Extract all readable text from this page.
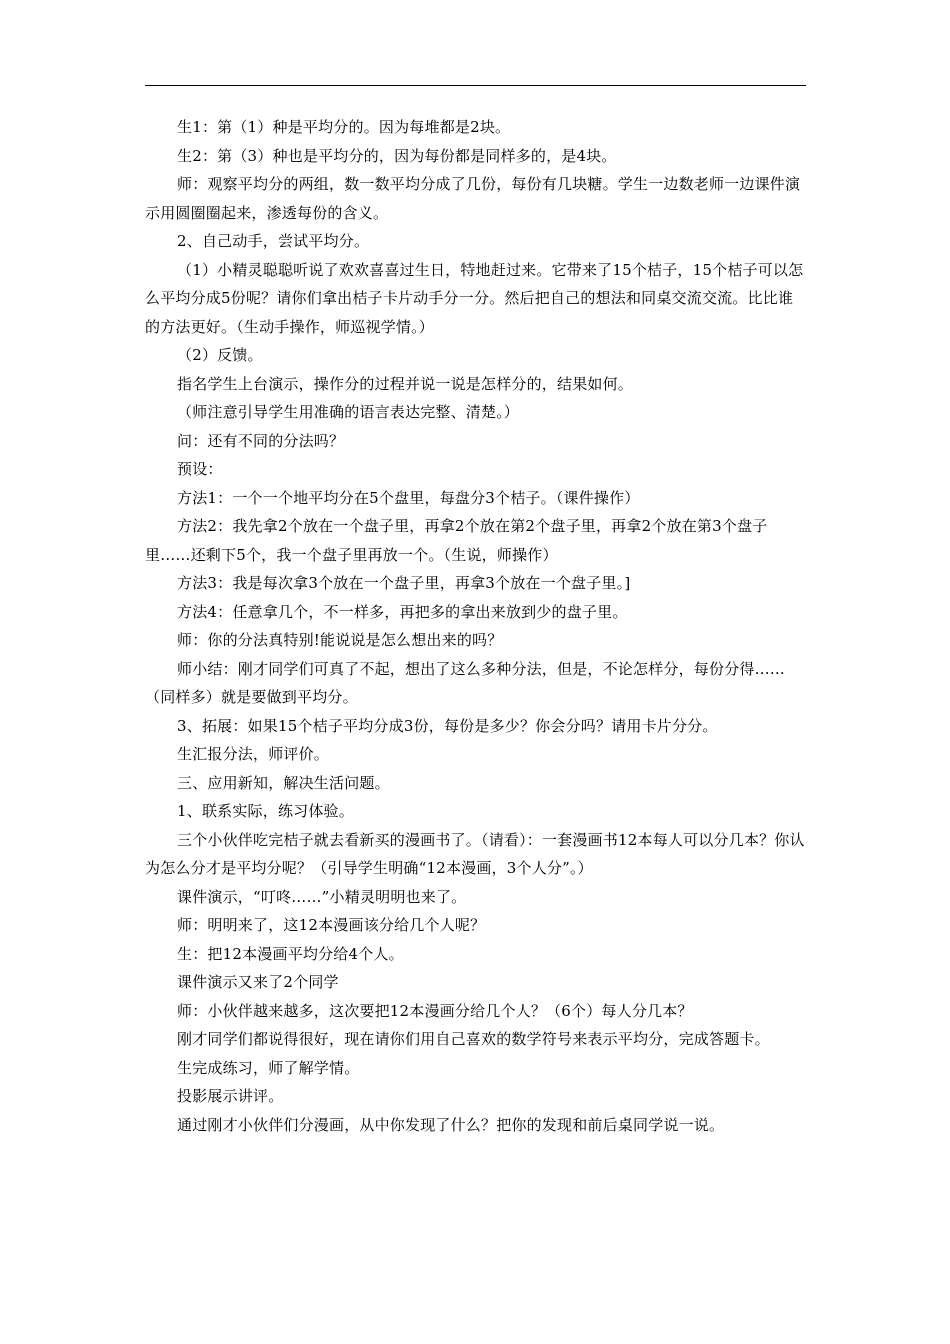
生1：第（1）种是平均分的。因为每堆都是2块。

生2：第（3）种也是平均分的，因为每份都是同样多的，是4块。

师：观察平均分的两组，数一数平均分成了几份，每份有几块糖。学生一边数老师一边课件演示用圆圈圈起来，渗透每份的含义。

2、自己动手，尝试平均分。

（1）小精灵聪聪听说了欢欢喜喜过生日，特地赶过来。它带来了15个桔子，15个桔子可以怎么平均分成5份呢？请你们拿出桔子卡片动手分一分。然后把自己的想法和同桌交流交流。比比谁的方法更好。（生动手操作，师巡视学情。）

（2）反馈。

指名学生上台演示，操作分的过程并说一说是怎样分的，结果如何。

（师注意引导学生用准确的语言表达完整、清楚。）

问：还有不同的分法吗？

预设：

方法1：一个一个地平均分在5个盘里，每盘分3个桔子。（课件操作）

方法2：我先拿2个放在一个盘子里，再拿2个放在第2个盘子里，再拿2个放在第3个盘子里……还剩下5个，我一个盘子里再放一个。（生说，师操作）

方法3：我是每次拿3个放在一个盘子里，再拿3个放在一个盘子里。]

方法4：任意拿几个，不一样多，再把多的拿出来放到少的盘子里。

师：你的分法真特别!能说说是怎么想出来的吗？

师小结：刚才同学们可真了不起，想出了这么多种分法，但是，不论怎样分，每份分得……（同样多）就是要做到平均分。

3、拓展：如果15个桔子平均分成3份，每份是多少？你会分吗？请用卡片分分。

生汇报分法，师评价。

三、应用新知，解决生活问题。

1、联系实际，练习体验。

三个小伙伴吃完桔子就去看新买的漫画书了。（请看）：一套漫画书12本每人可以分几本？你认为怎么分才是平均分呢？（引导学生明确“12本漫画，3个人分”。）

课件演示，“叮咚……”小精灵明明也来了。

师：明明来了，这12本漫画该分给几个人呢？

生：把12本漫画平均分给4个人。

课件演示又来了2个同学

师：小伙伴越来越多，这次要把12本漫画分给几个人？（6个）每人分几本？

刚才同学们都说得很好，现在请你们用自己喜欢的数学符号来表示平均分，完成答题卡。

生完成练习，师了解学情。

投影展示讲评。

通过刚才小伙伴们分漫画，从中你发现了什么？把你的发现和前后桌同学说一说。
